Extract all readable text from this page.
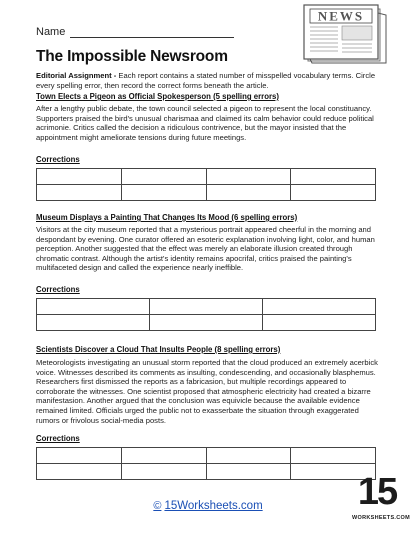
Name
NEWS
The Impossible Newsroom
Editorial Assignment - Each report contains a stated number of misspelled vocabulary terms. Circle every spelling error, then record the correct forms beneath the article.
Town Elects a Pigeon as Official Spokesperson (5 spelling errors)
After a lengthy public debate, the town council selected a pigeon to represent the local constituancy. Supporters praised the bird's unusual charismaa and claimed its calm behavior could reduce political acrimonie. Critics called the decision a ridiculous contrivence, but the mayor insisted that the appointment might ameliorate tensions during future meetings.
Corrections

Museum Displays a Painting That Changes Its Mood (6 spelling errors)
Visitors at the city museum reported that a mysterious portrait appeared cheerful in the morning and despondant by evening. One curator offered an esoteric explanation involving light, color, and human perception. Another suggested that the effect was merely an elaborate illusion created through chromatic contrast. Although the artist's identity remains apocrifal, critics praised the painting's multifaceted design and called the experience nearly ineffible.
Corrections

Scientists Discover a Cloud That Insults People (8 spelling errors)
Meteorologists investigating an unusual storm reported that the cloud produced an extremely acerbick voice. Witnesses described its comments as insulting, condescending, and occasionally blasphemus. Researchers first dismissed the reports as a fabricasion, but multiple recordings appeared to corroborate the witnesses. One scientist proposed that atmospheric electricity had created a bizarre manifestasion. Another argued that the conclusion was equivicle because the available evidence remained limited. Officials urged the public not to exasserbate the situation through exaggerated rumors or frivolous social-media posts.
Corrections

© 15Worksheets.com	15
WORKSHEETS.COM
